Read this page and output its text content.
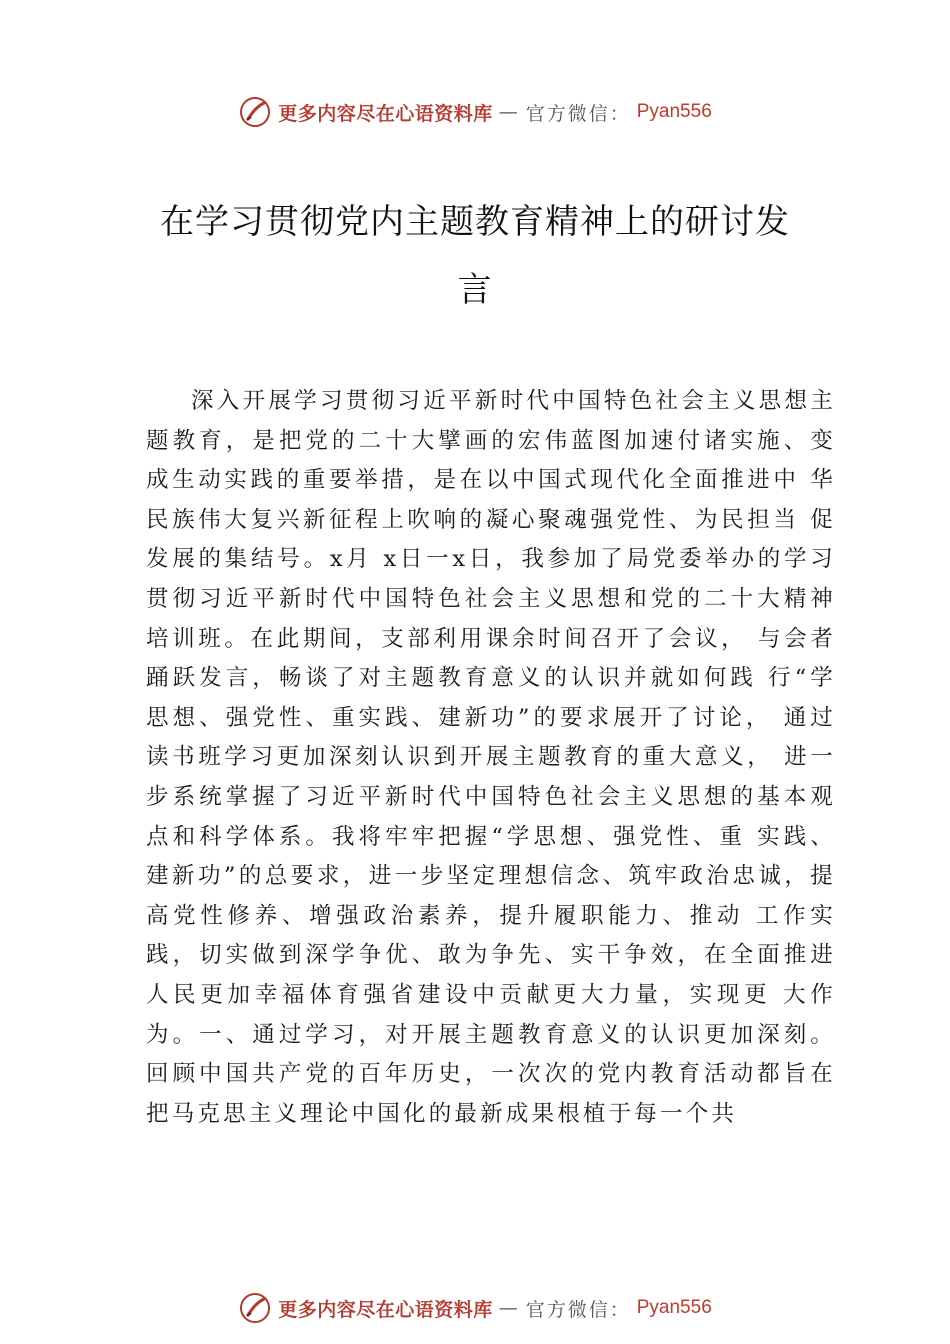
更多内容尽在心语资料库 — 官方微信： Pyan556
在学习贯彻党内主题教育精神上的研讨发
言
深入开展学习贯彻习近平新时代中国特色社会主义思想主题教育，是把党的二十大擘画的宏伟蓝图加速付诸实施、变成生动实践的重要举措，是在以中国式现代化全面推进中 华民族伟大复兴新征程上吹响的凝心聚魂强党性、为民担当 促发展的集结号。x月 x日一x日，我参加了局党委举办的学习贯彻习近平新时代中国特色社会主义思想和党的二十大精神培训班。在此期间，支部利用课余时间召开了会议， 与会者踊跃发言，畅谈了对主题教育意义的认识并就如何践 行“学思想、强党性、重实践、建新功”的要求展开了讨论， 通过读书班学习更加深刻认识到开展主题教育的重大意义， 进一步系统掌握了习近平新时代中国特色社会主义思想的基本观点和科学体系。我将牢牢把握“学思想、强党性、重 实践、建新功”的总要求，进一步坚定理想信念、筑牢政治忠诚，提高党性修养、增强政治素养，提升履职能力、推动 工作实践，切实做到深学争优、敢为争先、实干争效，在全面推进人民更加幸福体育强省建设中贡献更大力量，实现更 大作为。一、通过学习，对开展主题教育意义的认识更加深刻。回顾中国共产党的百年历史，一次次的党内教育活动都旨在把马克思主义理论中国化的最新成果根植于每一个共
更多内容尽在心语资料库 — 官方微信： Pyan556
